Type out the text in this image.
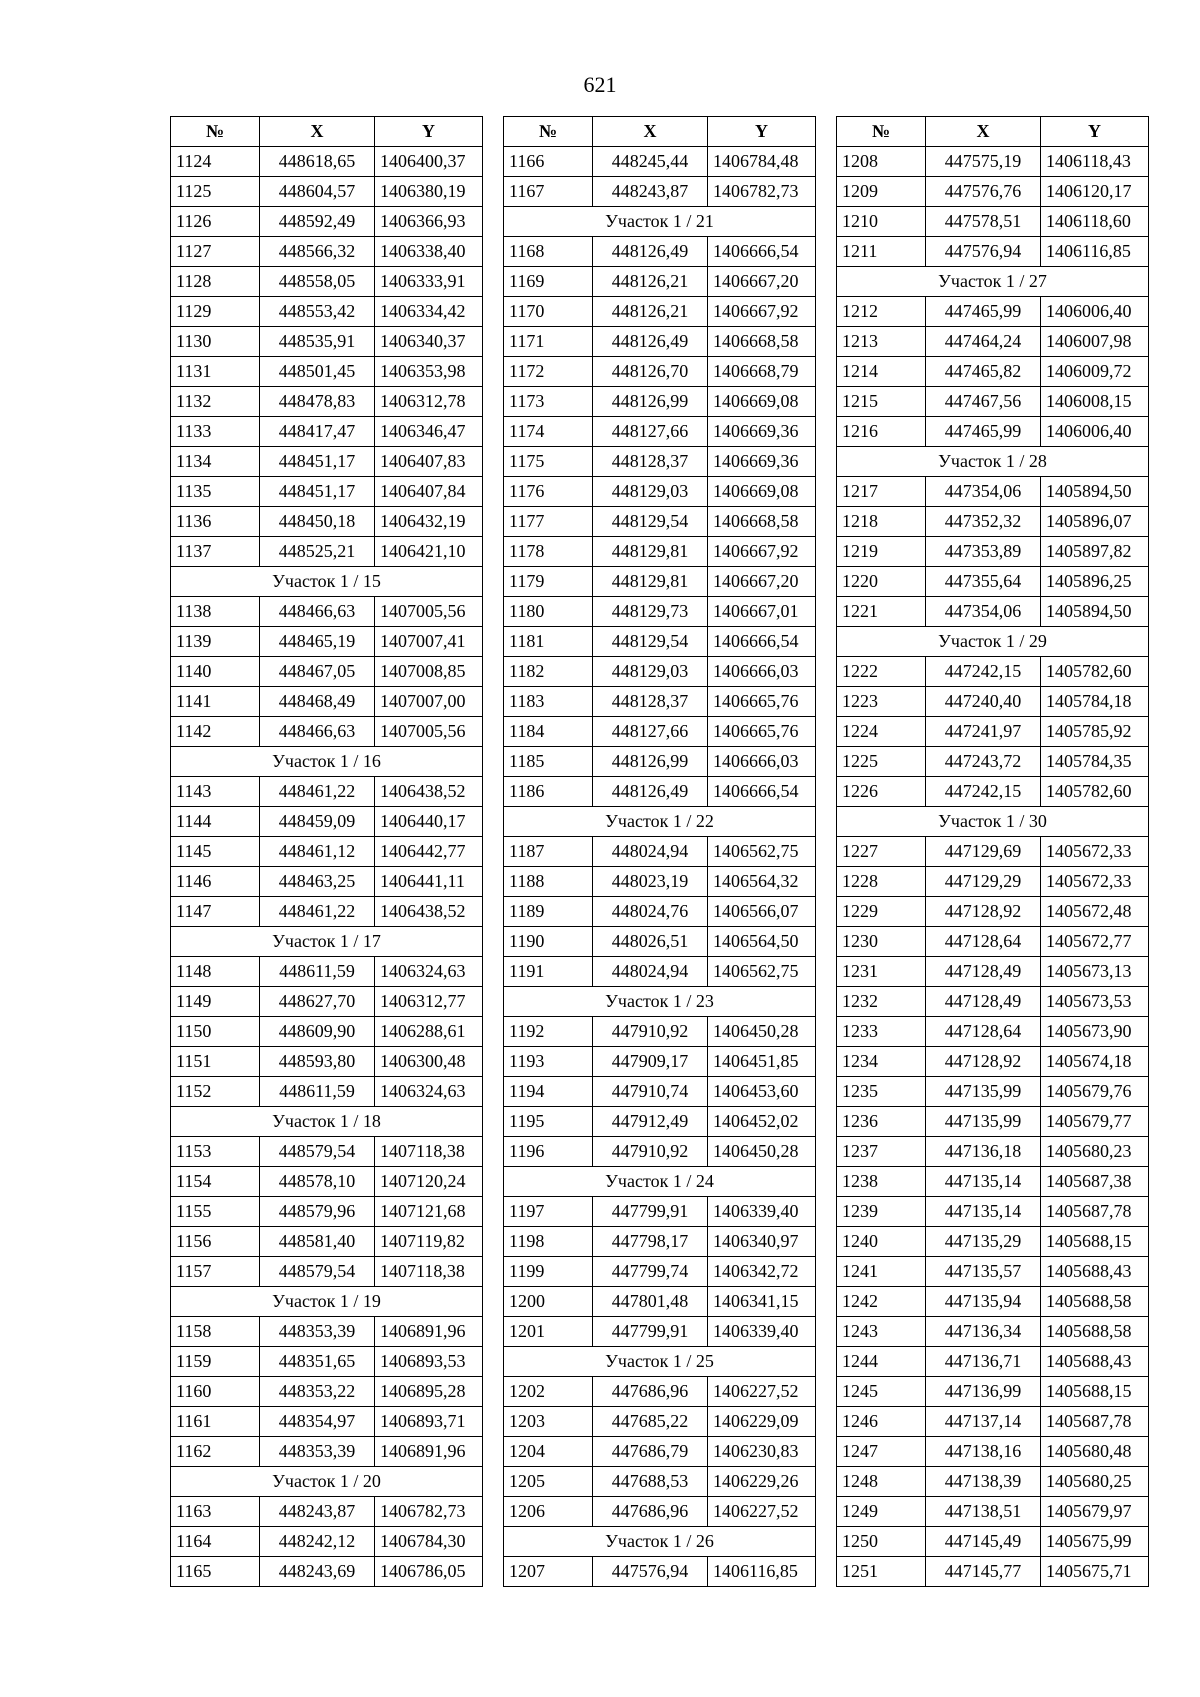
621
№	X	Y
1124	448618,65	1406400,37
1125	448604,57	1406380,19
1126	448592,49	1406366,93
1127	448566,32	1406338,40
1128	448558,05	1406333,91
1129	448553,42	1406334,42
1130	448535,91	1406340,37
1131	448501,45	1406353,98
1132	448478,83	1406312,78
1133	448417,47	1406346,47
1134	448451,17	1406407,83
1135	448451,17	1406407,84
1136	448450,18	1406432,19
1137	448525,21	1406421,10
Участок 1 / 15		
1138	448466,63	1407005,56
1139	448465,19	1407007,41
1140	448467,05	1407008,85
1141	448468,49	1407007,00
1142	448466,63	1407005,56
Участок 1 / 16		
1143	448461,22	1406438,52
1144	448459,09	1406440,17
1145	448461,12	1406442,77
1146	448463,25	1406441,11
1147	448461,22	1406438,52
Участок 1 / 17		
1148	448611,59	1406324,63
1149	448627,70	1406312,77
1150	448609,90	1406288,61
1151	448593,80	1406300,48
1152	448611,59	1406324,63
Участок 1 / 18		
1153	448579,54	1407118,38
1154	448578,10	1407120,24
1155	448579,96	1407121,68
1156	448581,40	1407119,82
1157	448579,54	1407118,38
Участок 1 / 19		
1158	448353,39	1406891,96
1159	448351,65	1406893,53
1160	448353,22	1406895,28
1161	448354,97	1406893,71
1162	448353,39	1406891,96
Участок 1 / 20		
1163	448243,87	1406782,73
1164	448242,12	1406784,30
1165	448243,69	1406786,05
№	X	Y
1166	448245,44	1406784,48
1167	448243,87	1406782,73
Участок 1 / 21		
1168	448126,49	1406666,54
1169	448126,21	1406667,20
1170	448126,21	1406667,92
1171	448126,49	1406668,58
1172	448126,70	1406668,79
1173	448126,99	1406669,08
1174	448127,66	1406669,36
1175	448128,37	1406669,36
1176	448129,03	1406669,08
1177	448129,54	1406668,58
1178	448129,81	1406667,92
1179	448129,81	1406667,20
1180	448129,73	1406667,01
1181	448129,54	1406666,54
1182	448129,03	1406666,03
1183	448128,37	1406665,76
1184	448127,66	1406665,76
1185	448126,99	1406666,03
1186	448126,49	1406666,54
Участок 1 / 22		
1187	448024,94	1406562,75
1188	448023,19	1406564,32
1189	448024,76	1406566,07
1190	448026,51	1406564,50
1191	448024,94	1406562,75
Участок 1 / 23		
1192	447910,92	1406450,28
1193	447909,17	1406451,85
1194	447910,74	1406453,60
1195	447912,49	1406452,02
1196	447910,92	1406450,28
Участок 1 / 24		
1197	447799,91	1406339,40
1198	447798,17	1406340,97
1199	447799,74	1406342,72
1200	447801,48	1406341,15
1201	447799,91	1406339,40
Участок 1 / 25		
1202	447686,96	1406227,52
1203	447685,22	1406229,09
1204	447686,79	1406230,83
1205	447688,53	1406229,26
1206	447686,96	1406227,52
Участок 1 / 26		
1207	447576,94	1406116,85
№	X	Y
1208	447575,19	1406118,43
1209	447576,76	1406120,17
1210	447578,51	1406118,60
1211	447576,94	1406116,85
Участок 1 / 27		
1212	447465,99	1406006,40
1213	447464,24	1406007,98
1214	447465,82	1406009,72
1215	447467,56	1406008,15
1216	447465,99	1406006,40
Участок 1 / 28		
1217	447354,06	1405894,50
1218	447352,32	1405896,07
1219	447353,89	1405897,82
1220	447355,64	1405896,25
1221	447354,06	1405894,50
Участок 1 / 29		
1222	447242,15	1405782,60
1223	447240,40	1405784,18
1224	447241,97	1405785,92
1225	447243,72	1405784,35
1226	447242,15	1405782,60
Участок 1 / 30		
1227	447129,69	1405672,33
1228	447129,29	1405672,33
1229	447128,92	1405672,48
1230	447128,64	1405672,77
1231	447128,49	1405673,13
1232	447128,49	1405673,53
1233	447128,64	1405673,90
1234	447128,92	1405674,18
1235	447135,99	1405679,76
1236	447135,99	1405679,77
1237	447136,18	1405680,23
1238	447135,14	1405687,38
1239	447135,14	1405687,78
1240	447135,29	1405688,15
1241	447135,57	1405688,43
1242	447135,94	1405688,58
1243	447136,34	1405688,58
1244	447136,71	1405688,43
1245	447136,99	1405688,15
1246	447137,14	1405687,78
1247	447138,16	1405680,48
1248	447138,39	1405680,25
1249	447138,51	1405679,97
1250	447145,49	1405675,99
1251	447145,77	1405675,71
